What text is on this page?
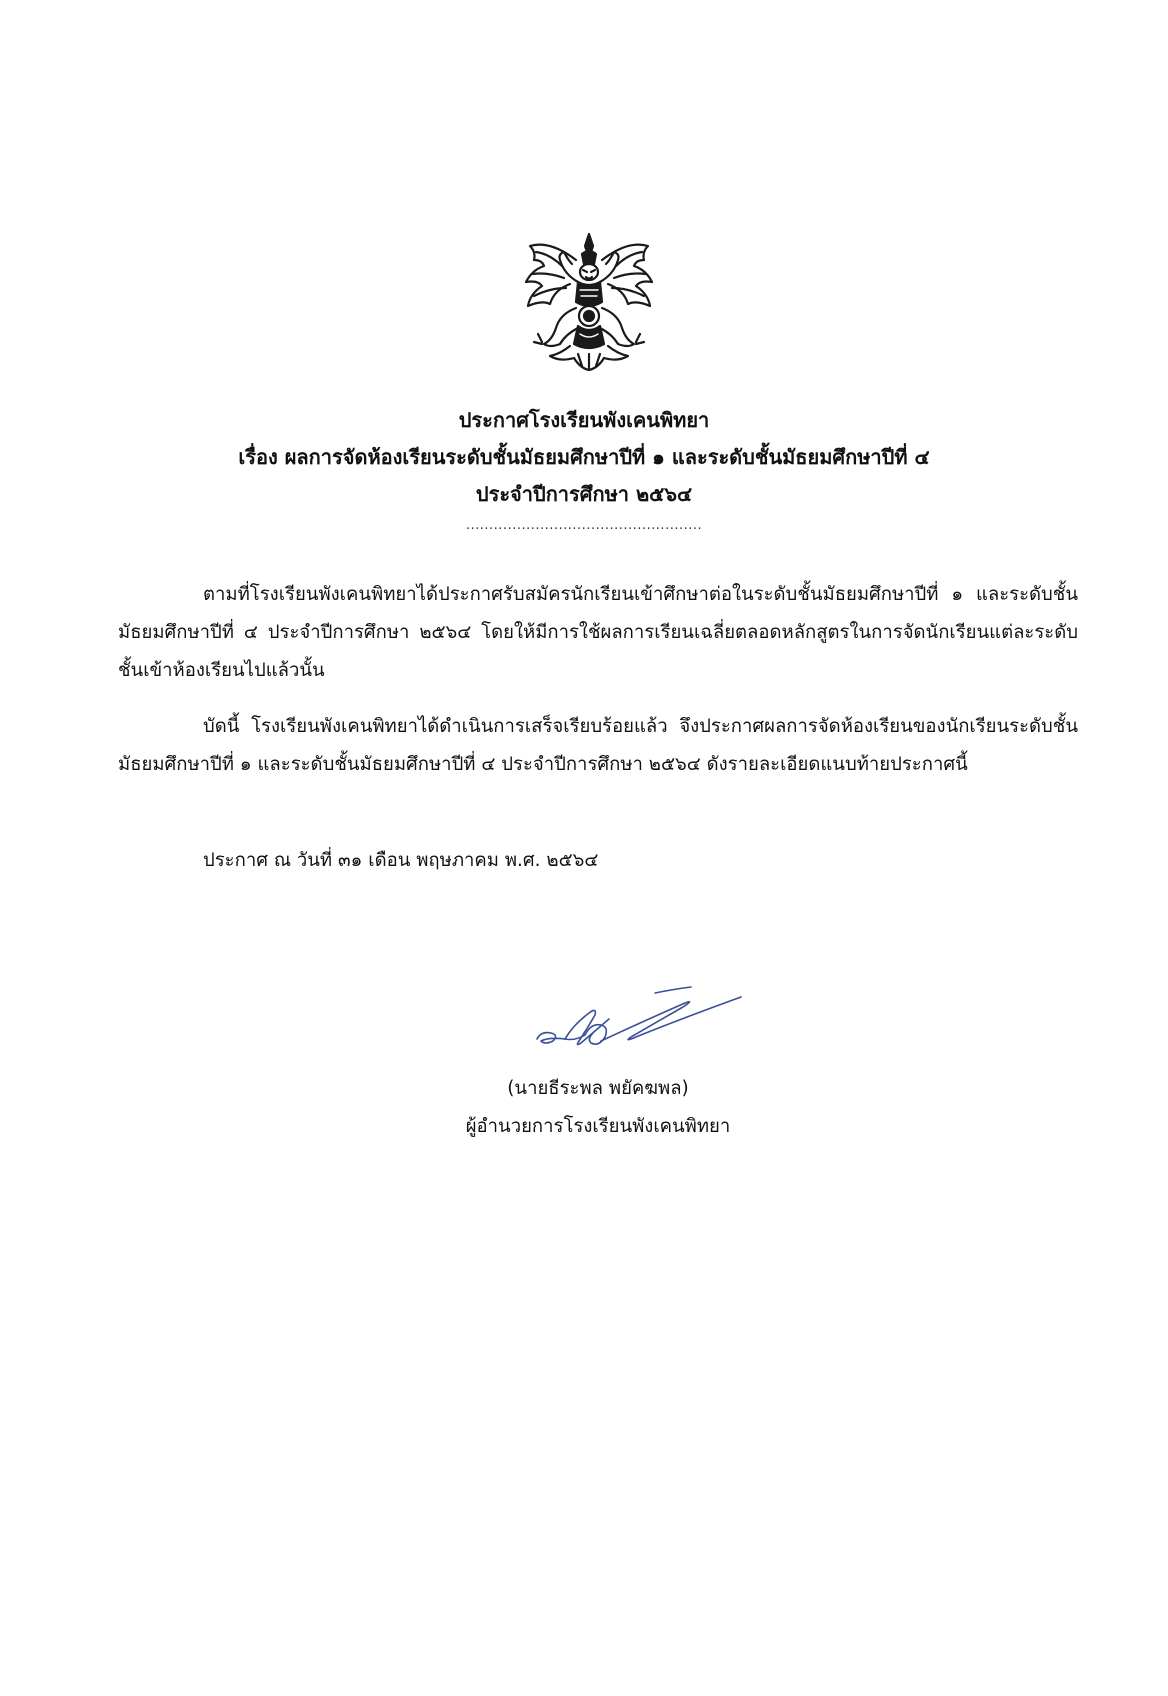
ประกาศโรงเรียนพังเคนพิทยา
เรื่อง ผลการจัดห้องเรียนระดับชั้นมัธยมศึกษาปีที่ ๑ และระดับชั้นมัธยมศึกษาปีที่ ๔
ประจำปีการศึกษา ๒๕๖๔
...................................................
ตามที่โรงเรียนพังเคนพิทยาได้ประกาศรับสมัครนักเรียนเข้าศึกษาต่อในระดับชั้นมัธยมศึกษาปีที่ ๑ และระดับชั้นมัธยมศึกษาปีที่ ๔ ประจำปีการศึกษา ๒๕๖๔ โดยให้มีการใช้ผลการเรียนเฉลี่ยตลอดหลักสูตรในการจัดนักเรียนแต่ละระดับชั้นเข้าห้องเรียนไปแล้วนั้น
บัดนี้ โรงเรียนพังเคนพิทยาได้ดำเนินการเสร็จเรียบร้อยแล้ว จึงประกาศผลการจัดห้องเรียนของนักเรียนระดับชั้นมัธยมศึกษาปีที่ ๑ และระดับชั้นมัธยมศึกษาปีที่ ๔ ประจำปีการศึกษา ๒๕๖๔ ดังรายละเอียดแนบท้ายประกาศนี้
ประกาศ ณ วันที่ ๓๑ เดือน พฤษภาคม พ.ศ. ๒๕๖๔
(นายธีระพล พยัคฆพล)
ผู้อำนวยการโรงเรียนพังเคนพิทยา
